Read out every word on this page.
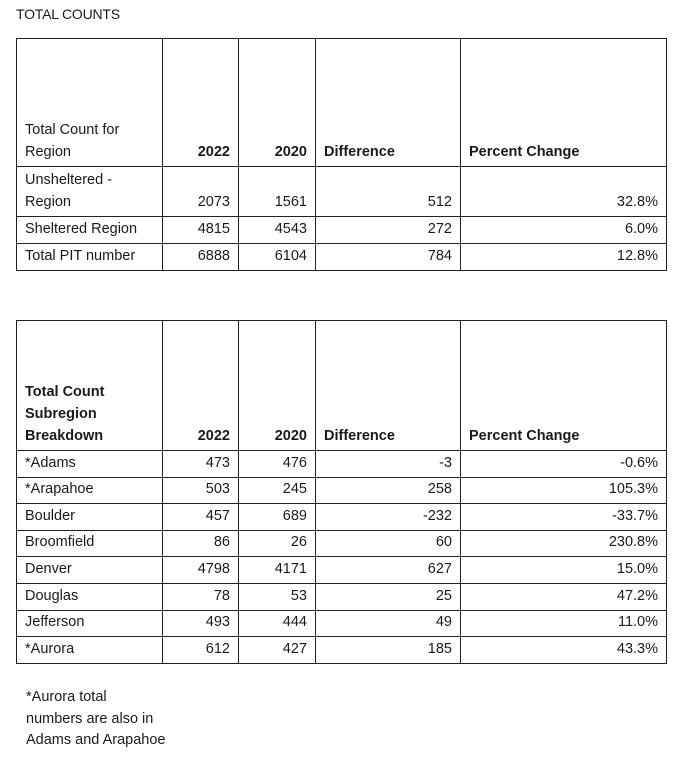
TOTAL COUNTS
Total Count for Region	2022	2020	Difference	Percent Change
Unsheltered - Region	2073	1561	512	32.8%
Sheltered Region	4815	4543	272	6.0%
Total PIT number	6888	6104	784	12.8%
Total Count Subregion Breakdown	2022	2020	Difference	Percent Change
*Adams	473	476	-3	-0.6%
*Arapahoe	503	245	258	105.3%
Boulder	457	689	-232	-33.7%
Broomfield	86	26	60	230.8%
Denver	4798	4171	627	15.0%
Douglas	78	53	25	47.2%
Jefferson	493	444	49	11.0%
*Aurora	612	427	185	43.3%
*Aurora total numbers are also in Adams and Arapahoe
